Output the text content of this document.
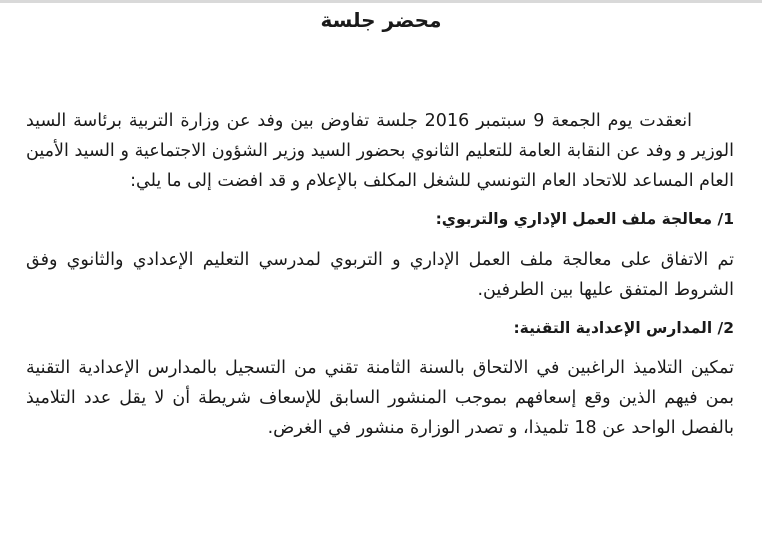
محضر جلسة

انعقدت يوم الجمعة 9 سبتمبر 2016 جلسة تفاوض بين وفد عن وزارة التربية برئاسة السيد الوزير و وفد عن النقابة العامة للتعليم الثانوي بحضور السيد وزير الشؤون الاجتماعية و السيد الأمين العام المساعد للاتحاد العام التونسي للشغل المكلف بالإعلام و قد افضت إلى ما يلي:

1/ معالجة ملف العمل الإداري والتربوي:

تم الاتفاق على معالجة ملف العمل الإداري و التربوي لمدرسي التعليم الإعدادي والثانوي وفق الشروط المتفق عليها بين الطرفين.

2/ المدارس الإعدادية التقنية:

تمكين التلاميذ الراغبين في الالتحاق بالسنة الثامنة تقني من التسجيل بالمدارس الإعدادية التقنية بمن فيهم الذين وقع إسعافهم بموجب المنشور السابق للإسعاف شريطة أن لا يقل عدد التلاميذ بالفصل الواحد عن 18 تلميذا، و تصدر الوزارة منشور في الغرض.
